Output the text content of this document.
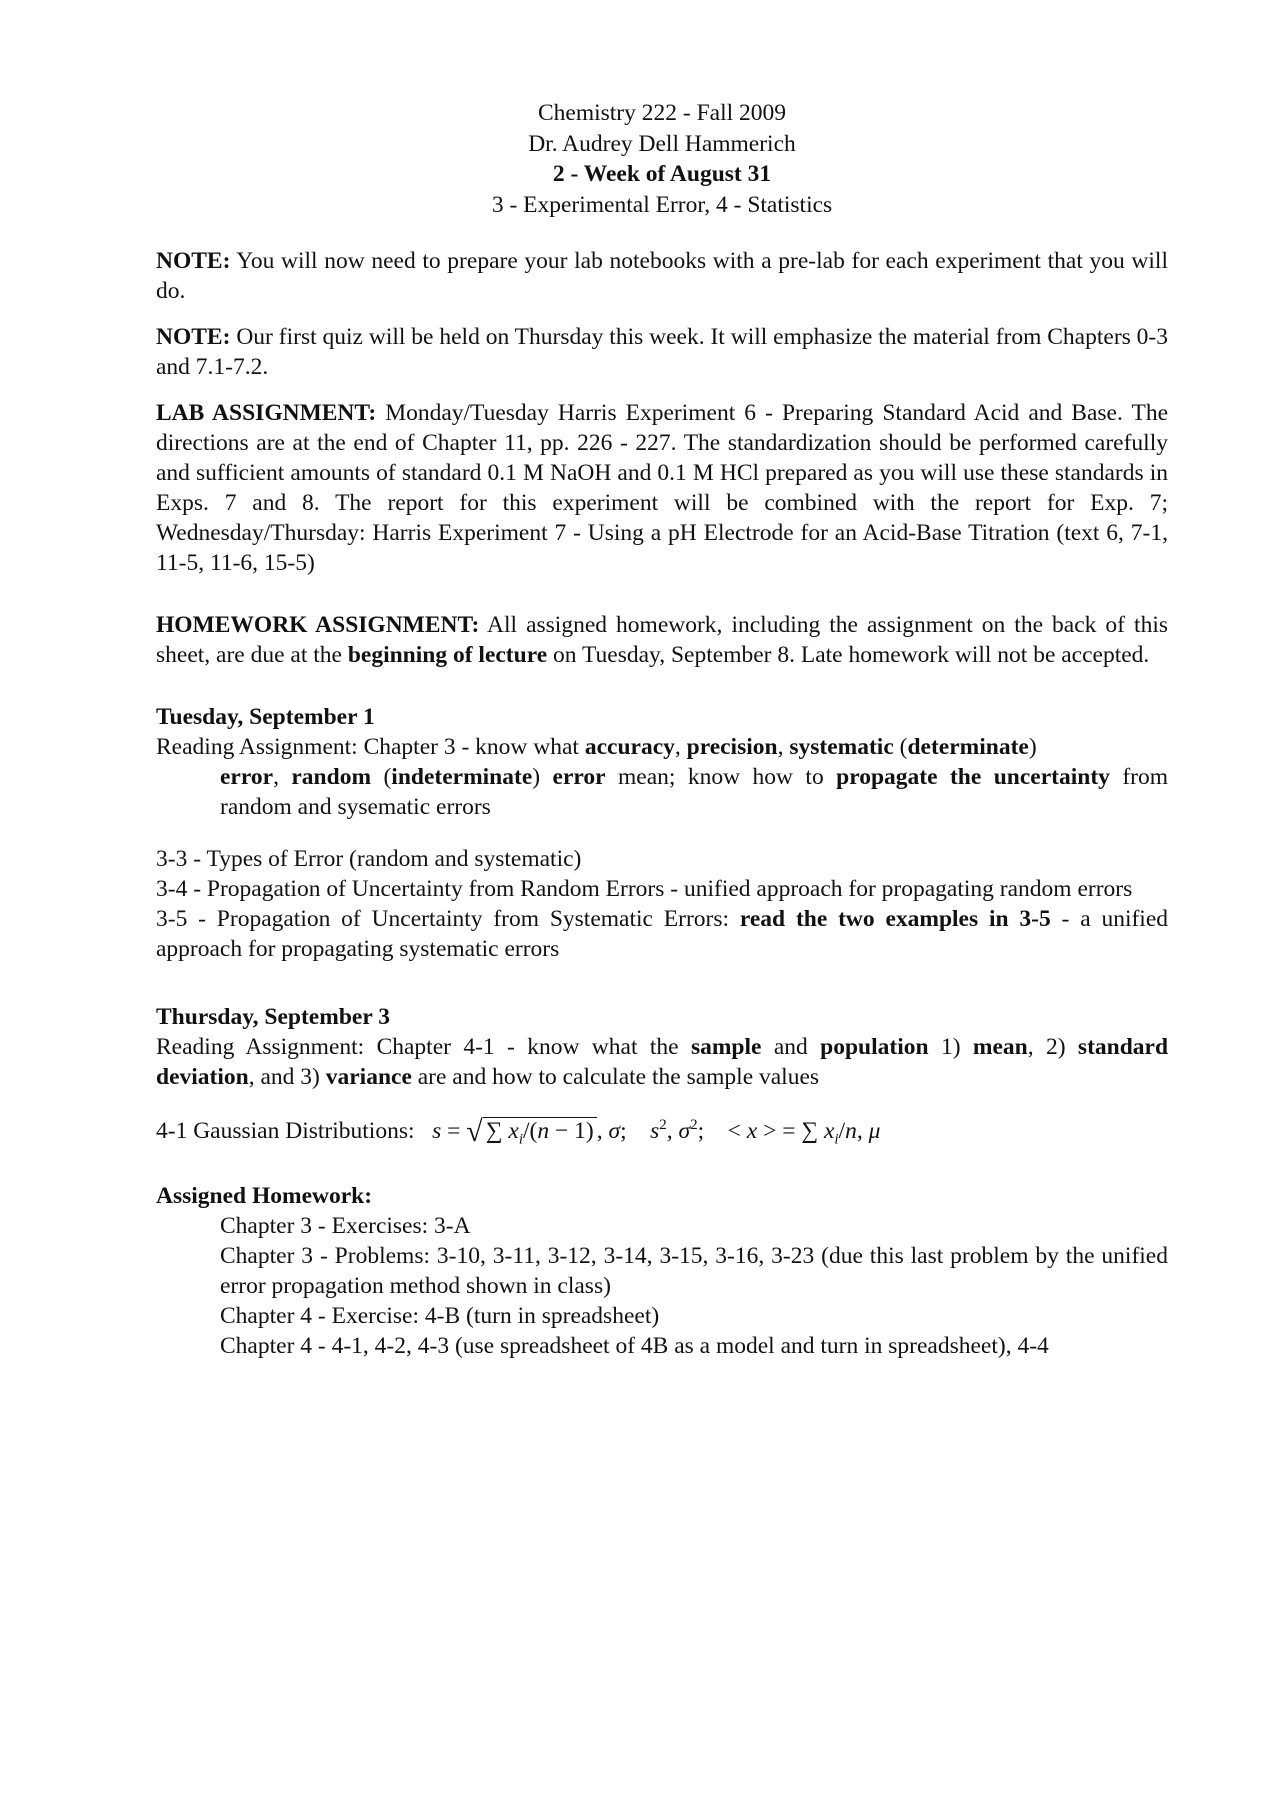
Chemistry 222 - Fall 2009
Dr. Audrey Dell Hammerich
2 - Week of August 31
3 - Experimental Error, 4 - Statistics

NOTE: You will now need to prepare your lab notebooks with a pre-lab for each experiment that you will do.

NOTE: Our first quiz will be held on Thursday this week. It will emphasize the material from Chapters 0-3 and 7.1-7.2.

LAB ASSIGNMENT: Monday/Tuesday Harris Experiment 6 - Preparing Standard Acid and Base. The directions are at the end of Chapter 11, pp. 226 - 227. The standardization should be performed carefully and sufficient amounts of standard 0.1 M NaOH and 0.1 M HCl prepared as you will use these standards in Exps. 7 and 8. The report for this experiment will be combined with the report for Exp. 7; Wednesday/Thursday: Harris Experiment 7 - Using a pH Electrode for an Acid-Base Titration (text 6, 7-1, 11-5, 11-6, 15-5)

HOMEWORK ASSIGNMENT: All assigned homework, including the assignment on the back of this sheet, are due at the beginning of lecture on Tuesday, September 8. Late homework will not be accepted.

Tuesday, September 1
Reading Assignment: Chapter 3 - know what accuracy, precision, systematic (determinate)
error, random (indeterminate) error mean; know how to propagate the uncertainty from random and sysematic errors
3-3 - Types of Error (random and systematic)
3-4 - Propagation of Uncertainty from Random Errors - unified approach for propagating random errors
3-5 - Propagation of Uncertainty from Systematic Errors: read the two examples in 3-5 - a unified approach for propagating systematic errors
Thursday, September 3
Reading Assignment: Chapter 4-1 - know what the sample and population 1) mean, 2) standard deviation, and 3) variance are and how to calculate the sample values
4-1 Gaussian Distributions: s = √ ∑ $x_i/(n - 1)$ , σ;    $s^2$, $\sigma^2$;    < x > = ∑ $x_i/n$, μ
Assigned Homework:
Chapter 3 - Exercises: 3-A
Chapter 3 - Problems: 3-10, 3-11, 3-12, 3-14, 3-15, 3-16, 3-23 (due this last problem by the unified error propagation method shown in class)
Chapter 4 - Exercise: 4-B (turn in spreadsheet)
Chapter 4 - 4-1, 4-2, 4-3 (use spreadsheet of 4B as a model and turn in spreadsheet), 4-4
